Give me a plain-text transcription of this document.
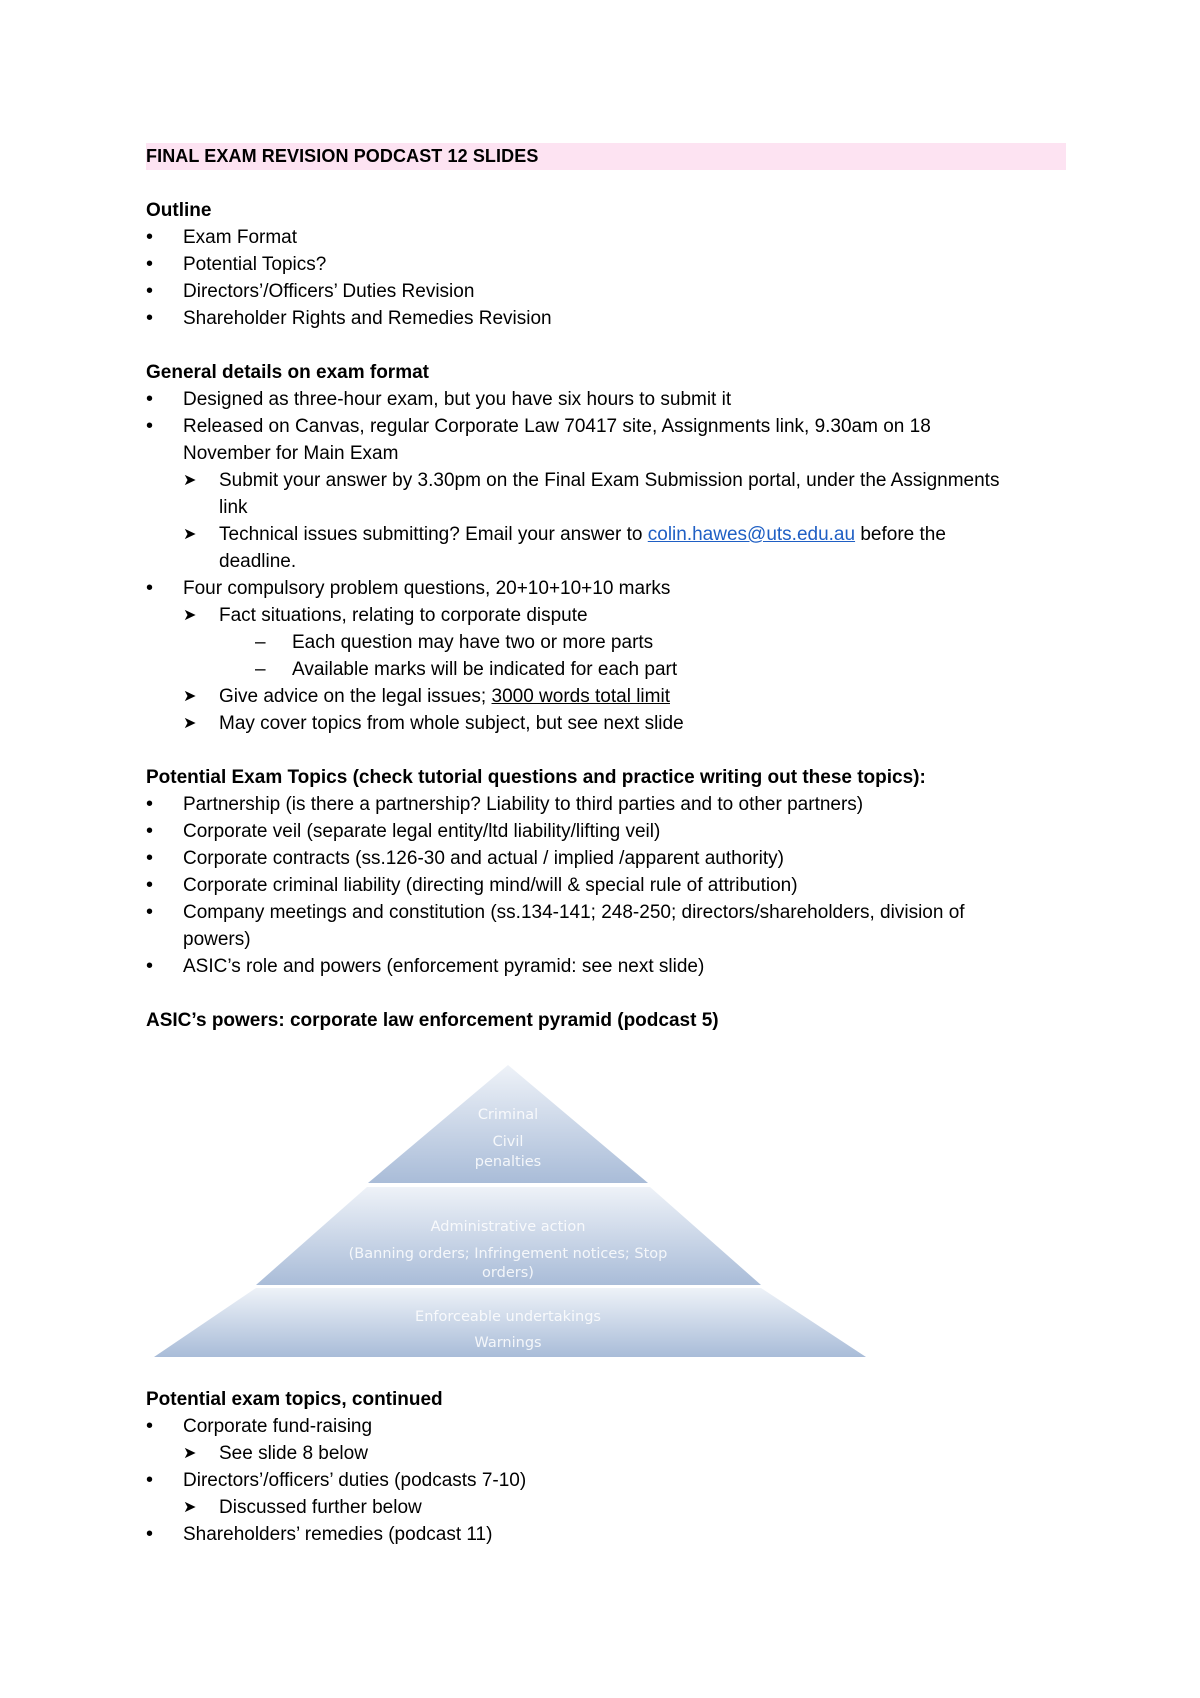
FINAL EXAM REVISION PODCAST 12 SLIDES
Outline
• Exam Format
• Potential Topics?
• Directors’/Officers’ Duties Revision
• Shareholder Rights and Remedies Revision
General details on exam format
• Designed as three-hour exam, but you have six hours to submit it
• Released on Canvas, regular Corporate Law 70417 site, Assignments link, 9.30am on 18
November for Main Exam
➤ Submit your answer by 3.30pm on the Final Exam Submission portal, under the Assignments
link
➤ Technical issues submitting? Email your answer to colin.hawes@uts.edu.au before the
deadline.
• Four compulsory problem questions, 20+10+10+10 marks
➤ Fact situations, relating to corporate dispute
– Each question may have two or more parts
– Available marks will be indicated for each part
➤ Give advice on the legal issues; 3000 words total limit
➤ May cover topics from whole subject, but see next slide
Potential Exam Topics (check tutorial questions and practice writing out these topics):
• Partnership (is there a partnership? Liability to third parties and to other partners)
• Corporate veil (separate legal entity/ltd liability/lifting veil)
• Corporate contracts (ss.126-30 and actual / implied /apparent authority)
• Corporate criminal liability (directing mind/will & special rule of attribution)
• Company meetings and constitution (ss.134-141; 248-250; directors/shareholders, division of
powers)
• ASIC’s role and powers (enforcement pyramid: see next slide)
ASIC’s powers: corporate law enforcement pyramid (podcast 5)
Criminal
Civil
penalties
Administrative action
(Banning orders; Infringement notices; Stop
orders)
Enforceable undertakings
Warnings
Potential exam topics, continued
• Corporate fund-raising
➤ See slide 8 below
• Directors’/officers’ duties (podcasts 7-10)
➤ Discussed further below
• Shareholders’ remedies (podcast 11)
